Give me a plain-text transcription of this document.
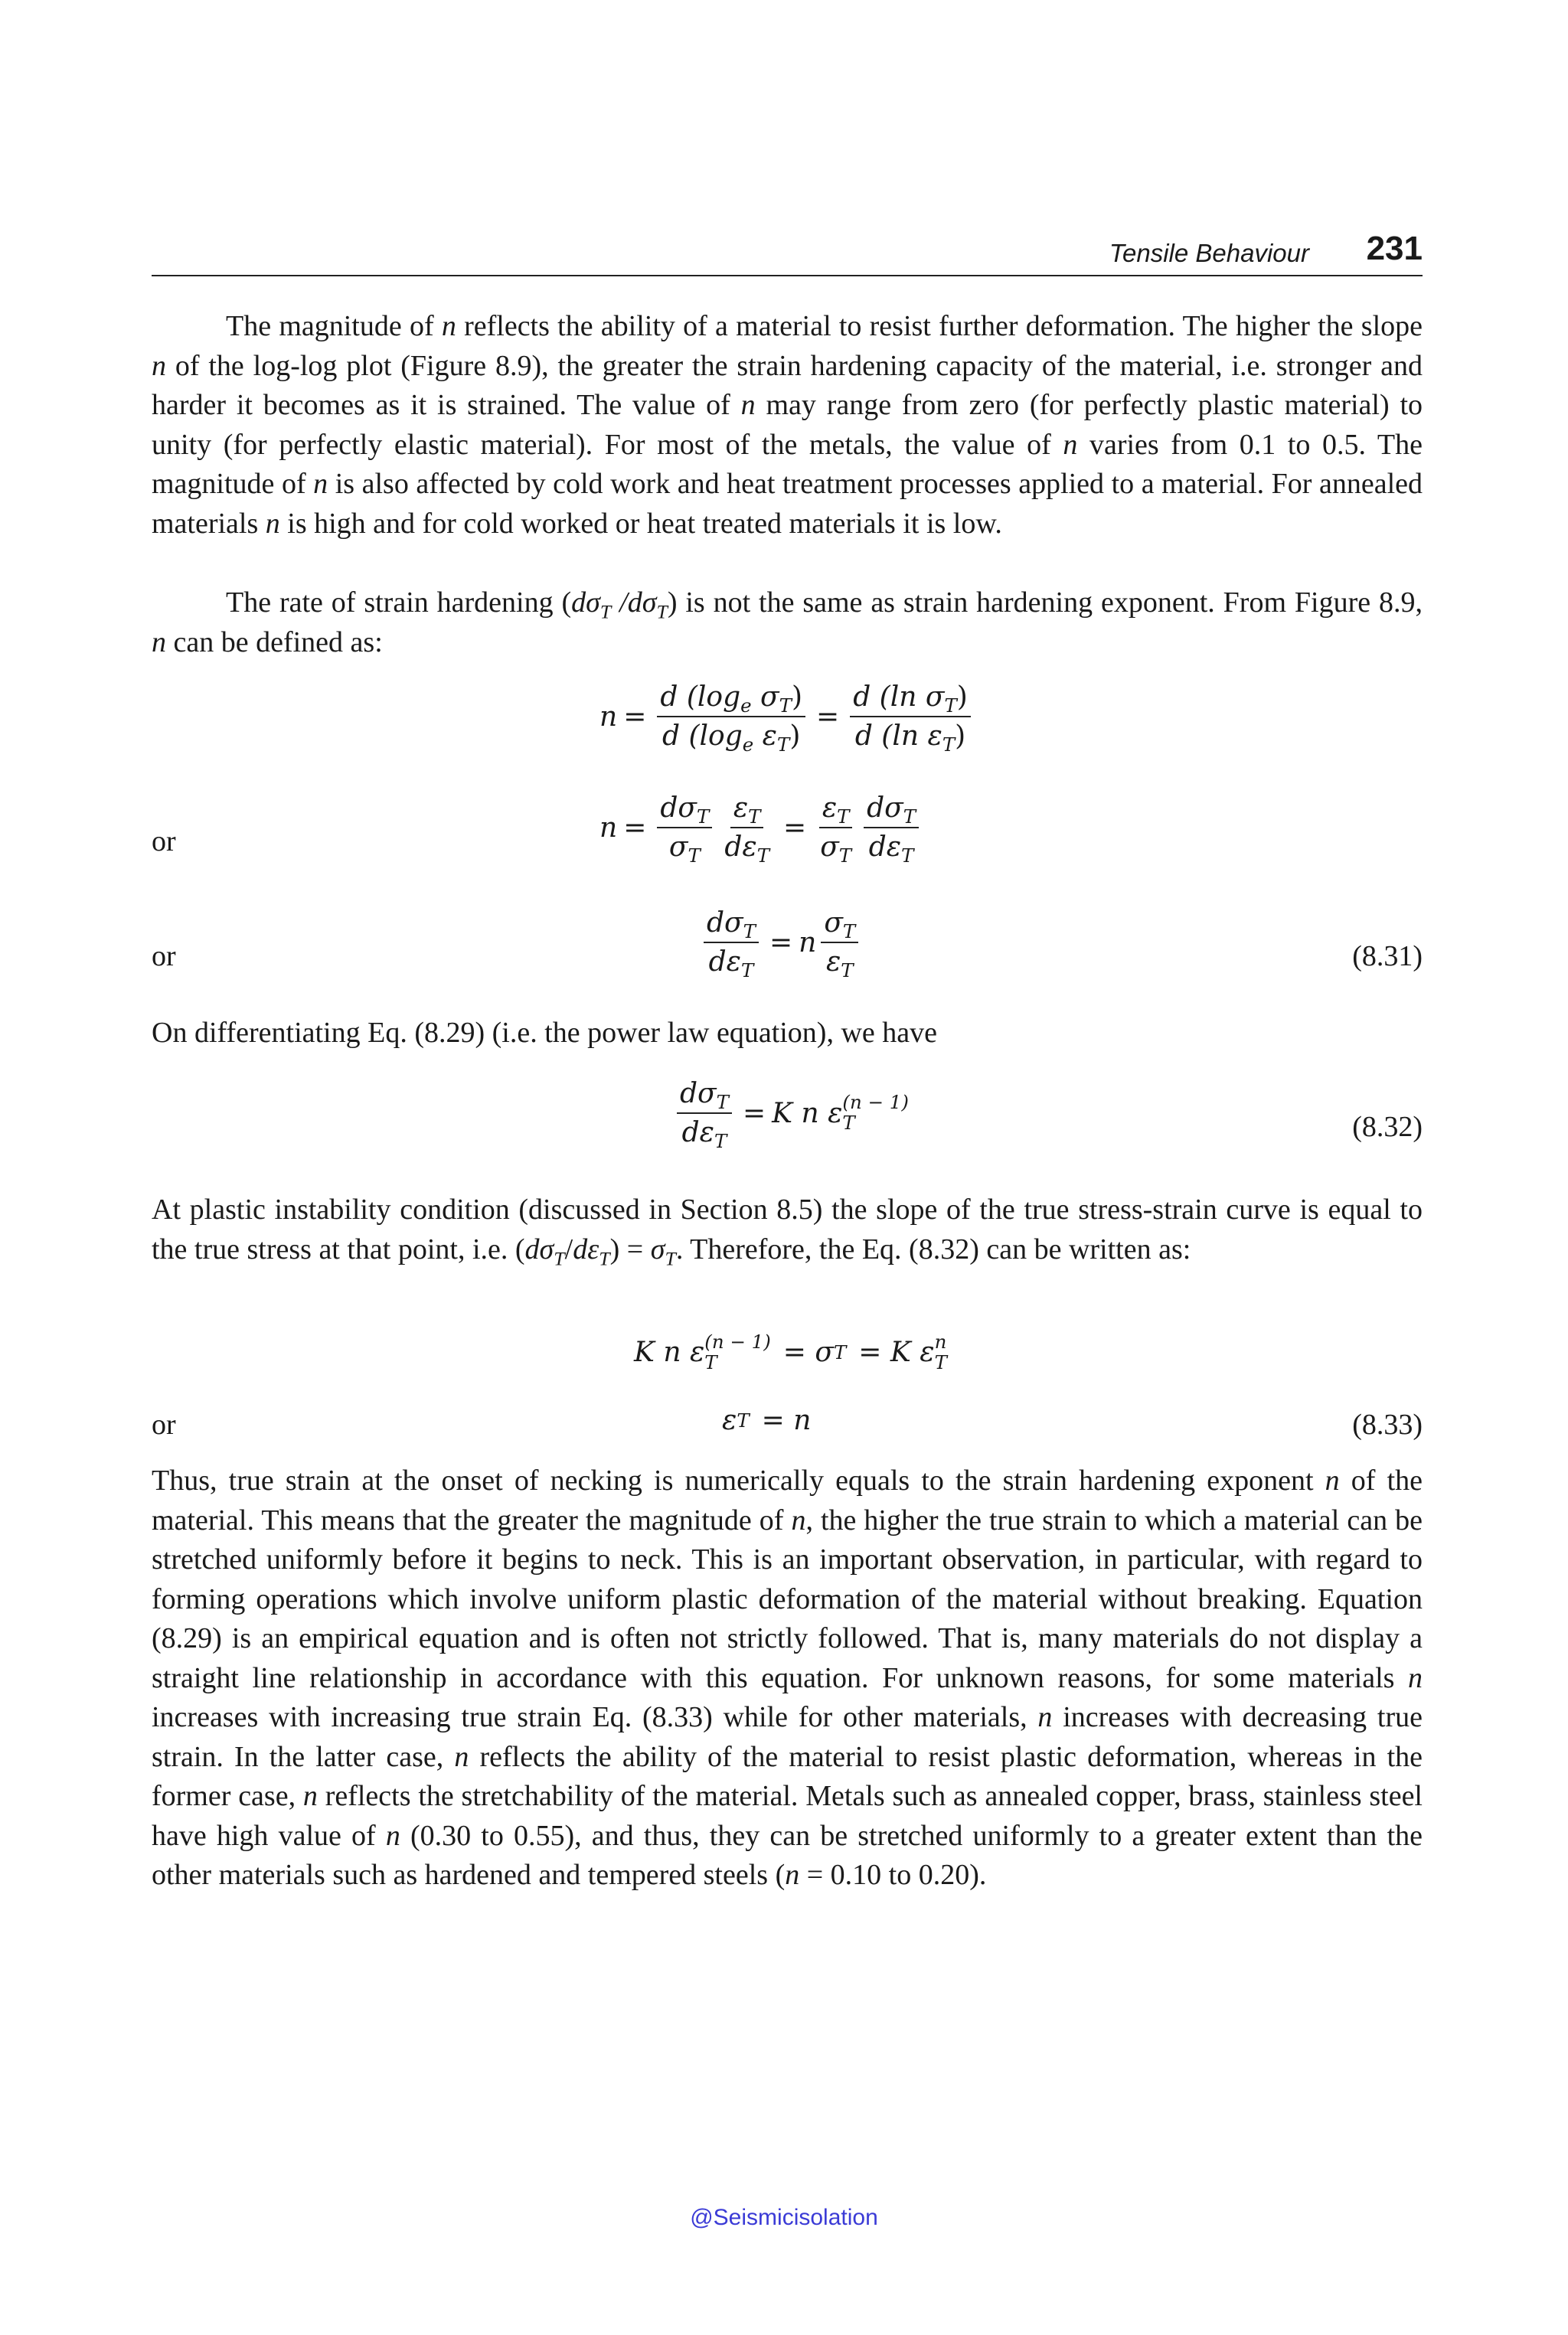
Tensile Behaviour 231
The magnitude of n reflects the ability of a material to resist further deformation. The higher the slope n of the log-log plot (Figure 8.9), the greater the strain hardening capacity of the material, i.e. stronger and harder it becomes as it is strained. The value of n may range from zero (for perfectly plastic material) to unity (for perfectly elastic material). For most of the metals, the value of n varies from 0.1 to 0.5. The magnitude of n is also affected by cold work and heat treatment processes applied to a material. For annealed materials n is high and for cold worked or heat treated materials it is low.
The rate of strain hardening ($d\sigma_T$ $/d\sigma_T$) is not the same as strain hardening exponent. From Figure 8.9, n can be defined as:
$n = \frac{d (\log_e \sigma_T)}{d (\log_e \varepsilon_T)} = \frac{d (\ln \sigma_T)}{d (\ln \varepsilon_T)}$
or	$n = \frac{d\sigma_T}{\sigma_T} \frac{\varepsilon_T}{d\varepsilon_T} = \frac{\varepsilon_T}{\sigma_T} \frac{d\sigma_T}{d\varepsilon_T}$
or	$\frac{d\sigma_T}{d\varepsilon_T} = n \frac{\sigma_T}{\varepsilon_T}$	(8.31)
On differentiating Eq. (8.29) (i.e. the power law equation), we have
$\frac{d\sigma_T}{d\varepsilon_T} = K$ n ε (n − 1)
T	(8.32)
At plastic instability condition (discussed in Section 8.5) the slope of the true stress-strain curve is equal to the true stress at that point, i.e. $(d\sigma_T/d\varepsilon_T) = \sigma_T$. Therefore, the Eq. (8.32) can be written as:
K n ε (n − 1)
T	= σ T = K ε n
T
or	ε T = n	(8.33)
Thus, true strain at the onset of necking is numerically equals to the strain hardening exponent n of the material. This means that the greater the magnitude of n, the higher the true strain to which a material can be stretched uniformly before it begins to neck. This is an important observation, in particular, with regard to forming operations which involve uniform plastic deformation of the material without breaking. Equation (8.29) is an empirical equation and is often not strictly followed. That is, many materials do not display a straight line relationship in accordance with this equation. For unknown reasons, for some materials n increases with increasing true strain Eq. (8.33) while for other materials, n increases with decreasing true strain. In the latter case, n reflects the ability of the material to resist plastic deformation, whereas in the former case, n reflects the stretchability of the material. Metals such as annealed copper, brass, stainless steel have high value of n (0.30 to 0.55), and thus, they can be stretched uniformly to a greater extent than the other materials such as hardened and tempered steels (n = 0.10 to 0.20).
@Seismicisolation
